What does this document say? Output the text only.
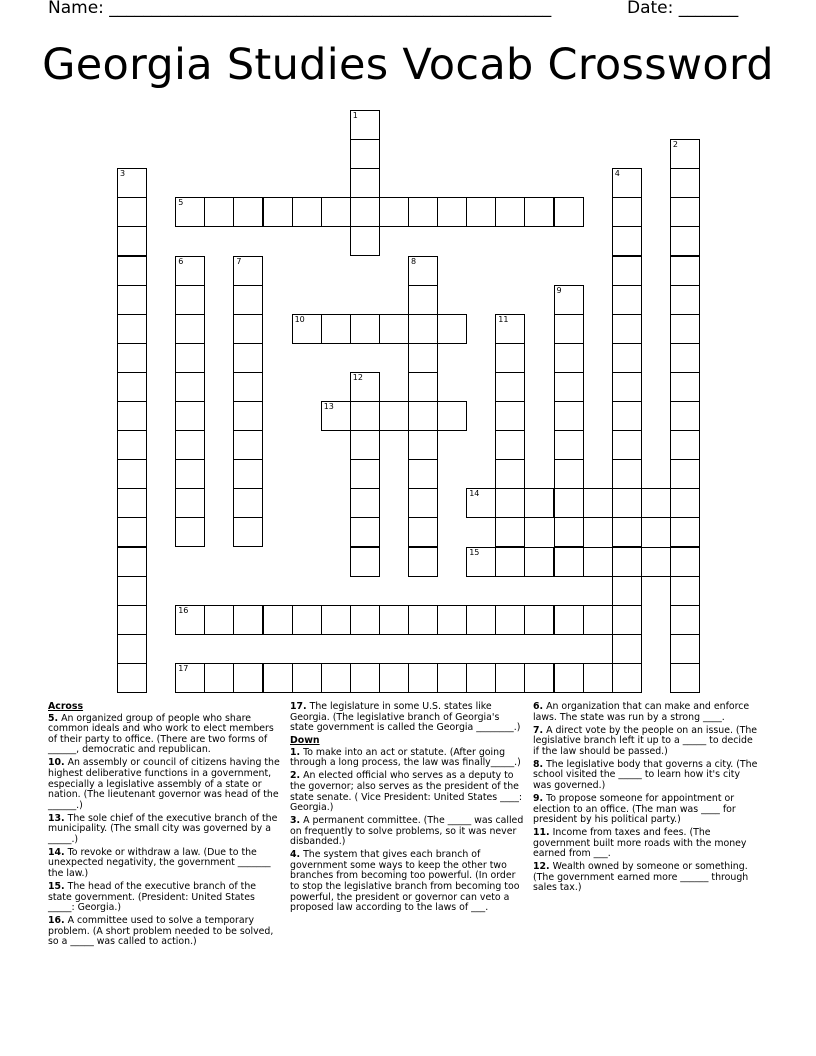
Name: ____________________________________________________	Date: _______
Georgia Studies Vocab Crossword
1
2
3	4
5
6	7	8
9
10	11
12
13
14
15
16
17
Across

5. An organized group of people who share common ideals and who work to elect members of their party to office. (There are two forms of ______, democratic and republican.

10. An assembly or council of citizens having the highest deliberative functions in a government, especially a legislative assembly of a state or nation. (The lieutenant governor was head of the ______.)

13. The sole chief of the executive branch of the municipality. (The small city was governed by a _____.)

14. To revoke or withdraw a law. (Due to the unexpected negativity, the government _______ the law.)

15. The head of the executive branch of the state government. (President: United States _____: Georgia.)

16. A committee used to solve a temporary problem. (A short problem needed to be solved, so a _____ was called to action.)

17. The legislature in some U.S. states like Georgia. (The legislative branch of Georgia's state government is called the Georgia ________.)

Down

1. To make into an act or statute. (After going through a long process, the law was finally_____.)

2. An elected official who serves as a deputy to the governor; also serves as the president of the state senate. ( Vice President: United States ____: Georgia.)

3. A permanent committee. (The _____ was called on frequently to solve problems, so it was never disbanded.)

4. The system that gives each branch of government some ways to keep the other two branches from becoming too powerful. (In order to stop the legislative branch from becoming too powerful, the president or governor can veto a proposed law according to the laws of ___.

6. An organization that can make and enforce laws. The state was run by a strong ____.

7. A direct vote by the people on an issue. (The legislative branch left it up to a _____ to decide if the law should be passed.)

8. The legislative body that governs a city. (The school visited the _____ to learn how it's city was governed.)

9. To propose someone for appointment or election to an office. (The man was ____ for president by his political party.)

11. Income from taxes and fees. (The government built more roads with the money earned from ___.

12. Wealth owned by someone or something. (The government earned more ______ through sales tax.)
